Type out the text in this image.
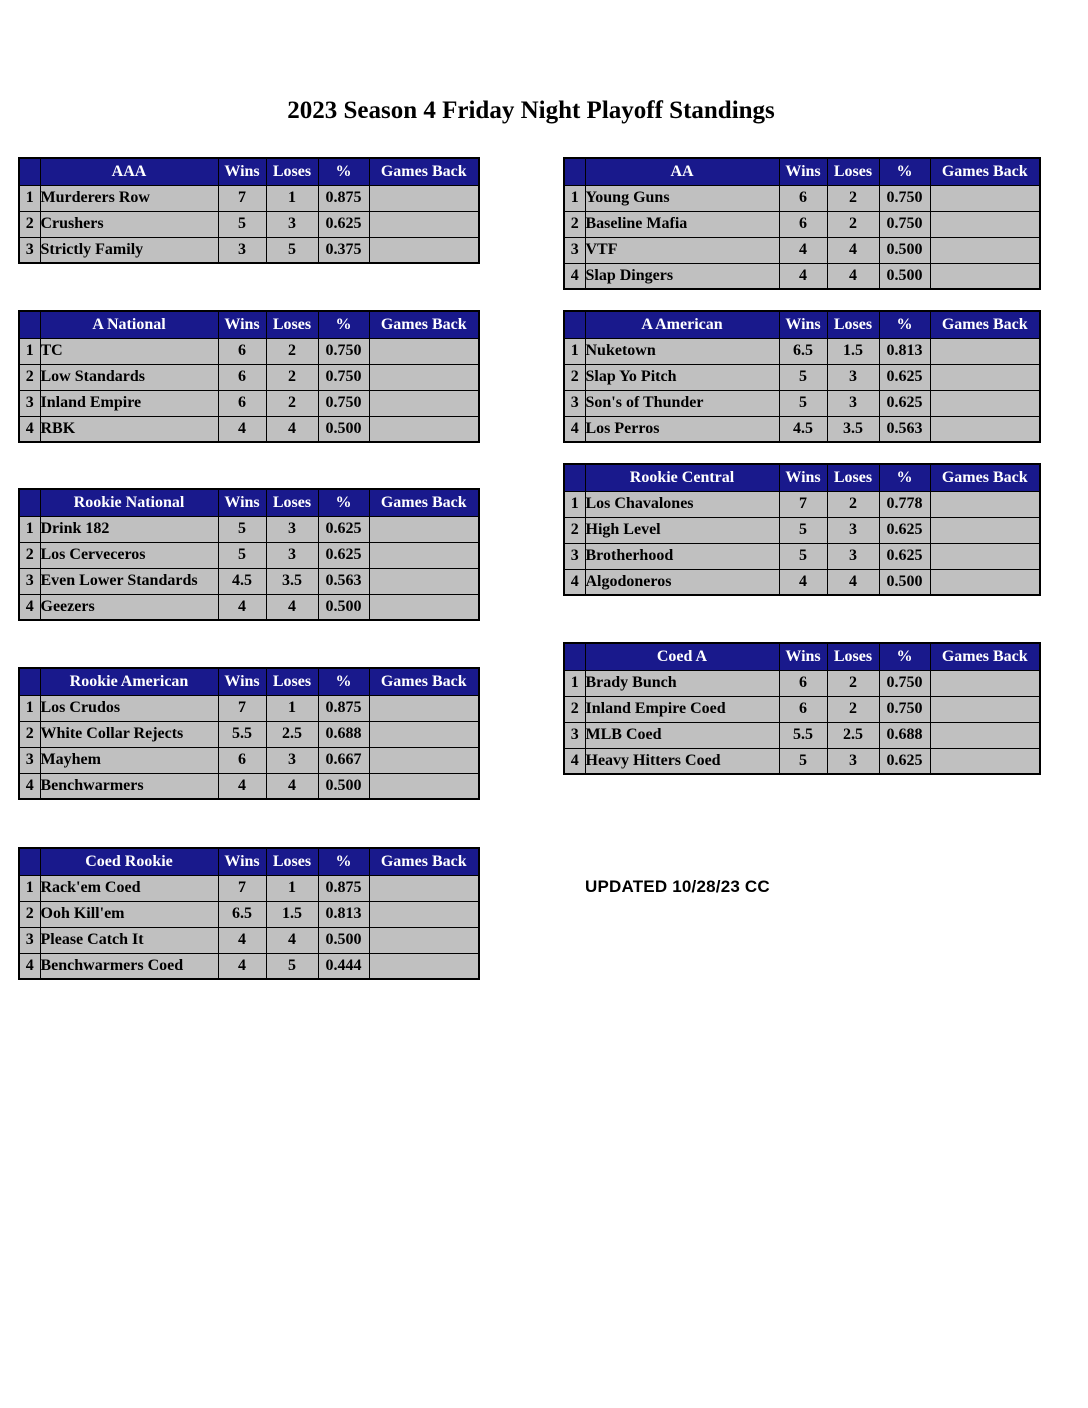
2023 Season 4 Friday Night Playoff Standings
	AAA	Wins	Loses	%	Games Back
1	Murderers Row	7	1	0.875	
2	Crushers	5	3	0.625	
3	Strictly Family	3	5	0.375	
	AA	Wins	Loses	%	Games Back
1	Young Guns	6	2	0.750	
2	Baseline Mafia	6	2	0.750	
3	VTF	4	4	0.500	
4	Slap Dingers	4	4	0.500	
	A National	Wins	Loses	%	Games Back
1	TC	6	2	0.750	
2	Low Standards	6	2	0.750	
3	Inland Empire	6	2	0.750	
4	RBK	4	4	0.500	
	A American	Wins	Loses	%	Games Back
1	Nuketown	6.5	1.5	0.813	
2	Slap Yo Pitch	5	3	0.625	
3	Son's of Thunder	5	3	0.625	
4	Los Perros	4.5	3.5	0.563	
	Rookie Central	Wins	Loses	%	Games Back
1	Los Chavalones	7	2	0.778	
2	High Level	5	3	0.625	
3	Brotherhood	5	3	0.625	
4	Algodoneros	4	4	0.500	
	Rookie National	Wins	Loses	%	Games Back
1	Drink 182	5	3	0.625	
2	Los Cerveceros	5	3	0.625	
3	Even Lower Standards	4.5	3.5	0.563	
4	Geezers	4	4	0.500	
	Coed A	Wins	Loses	%	Games Back
1	Brady Bunch	6	2	0.750	
2	Inland Empire Coed	6	2	0.750	
3	MLB Coed	5.5	2.5	0.688	
4	Heavy Hitters Coed	5	3	0.625	
	Rookie American	Wins	Loses	%	Games Back
1	Los Crudos	7	1	0.875	
2	White Collar Rejects	5.5	2.5	0.688	
3	Mayhem	6	3	0.667	
4	Benchwarmers	4	4	0.500	
	Coed Rookie	Wins	Loses	%	Games Back
1	Rack'em Coed	7	1	0.875	
2	Ooh Kill'em	6.5	1.5	0.813	
3	Please Catch It	4	4	0.500	
4	Benchwarmers Coed	4	5	0.444	
UPDATED 10/28/23 CC
